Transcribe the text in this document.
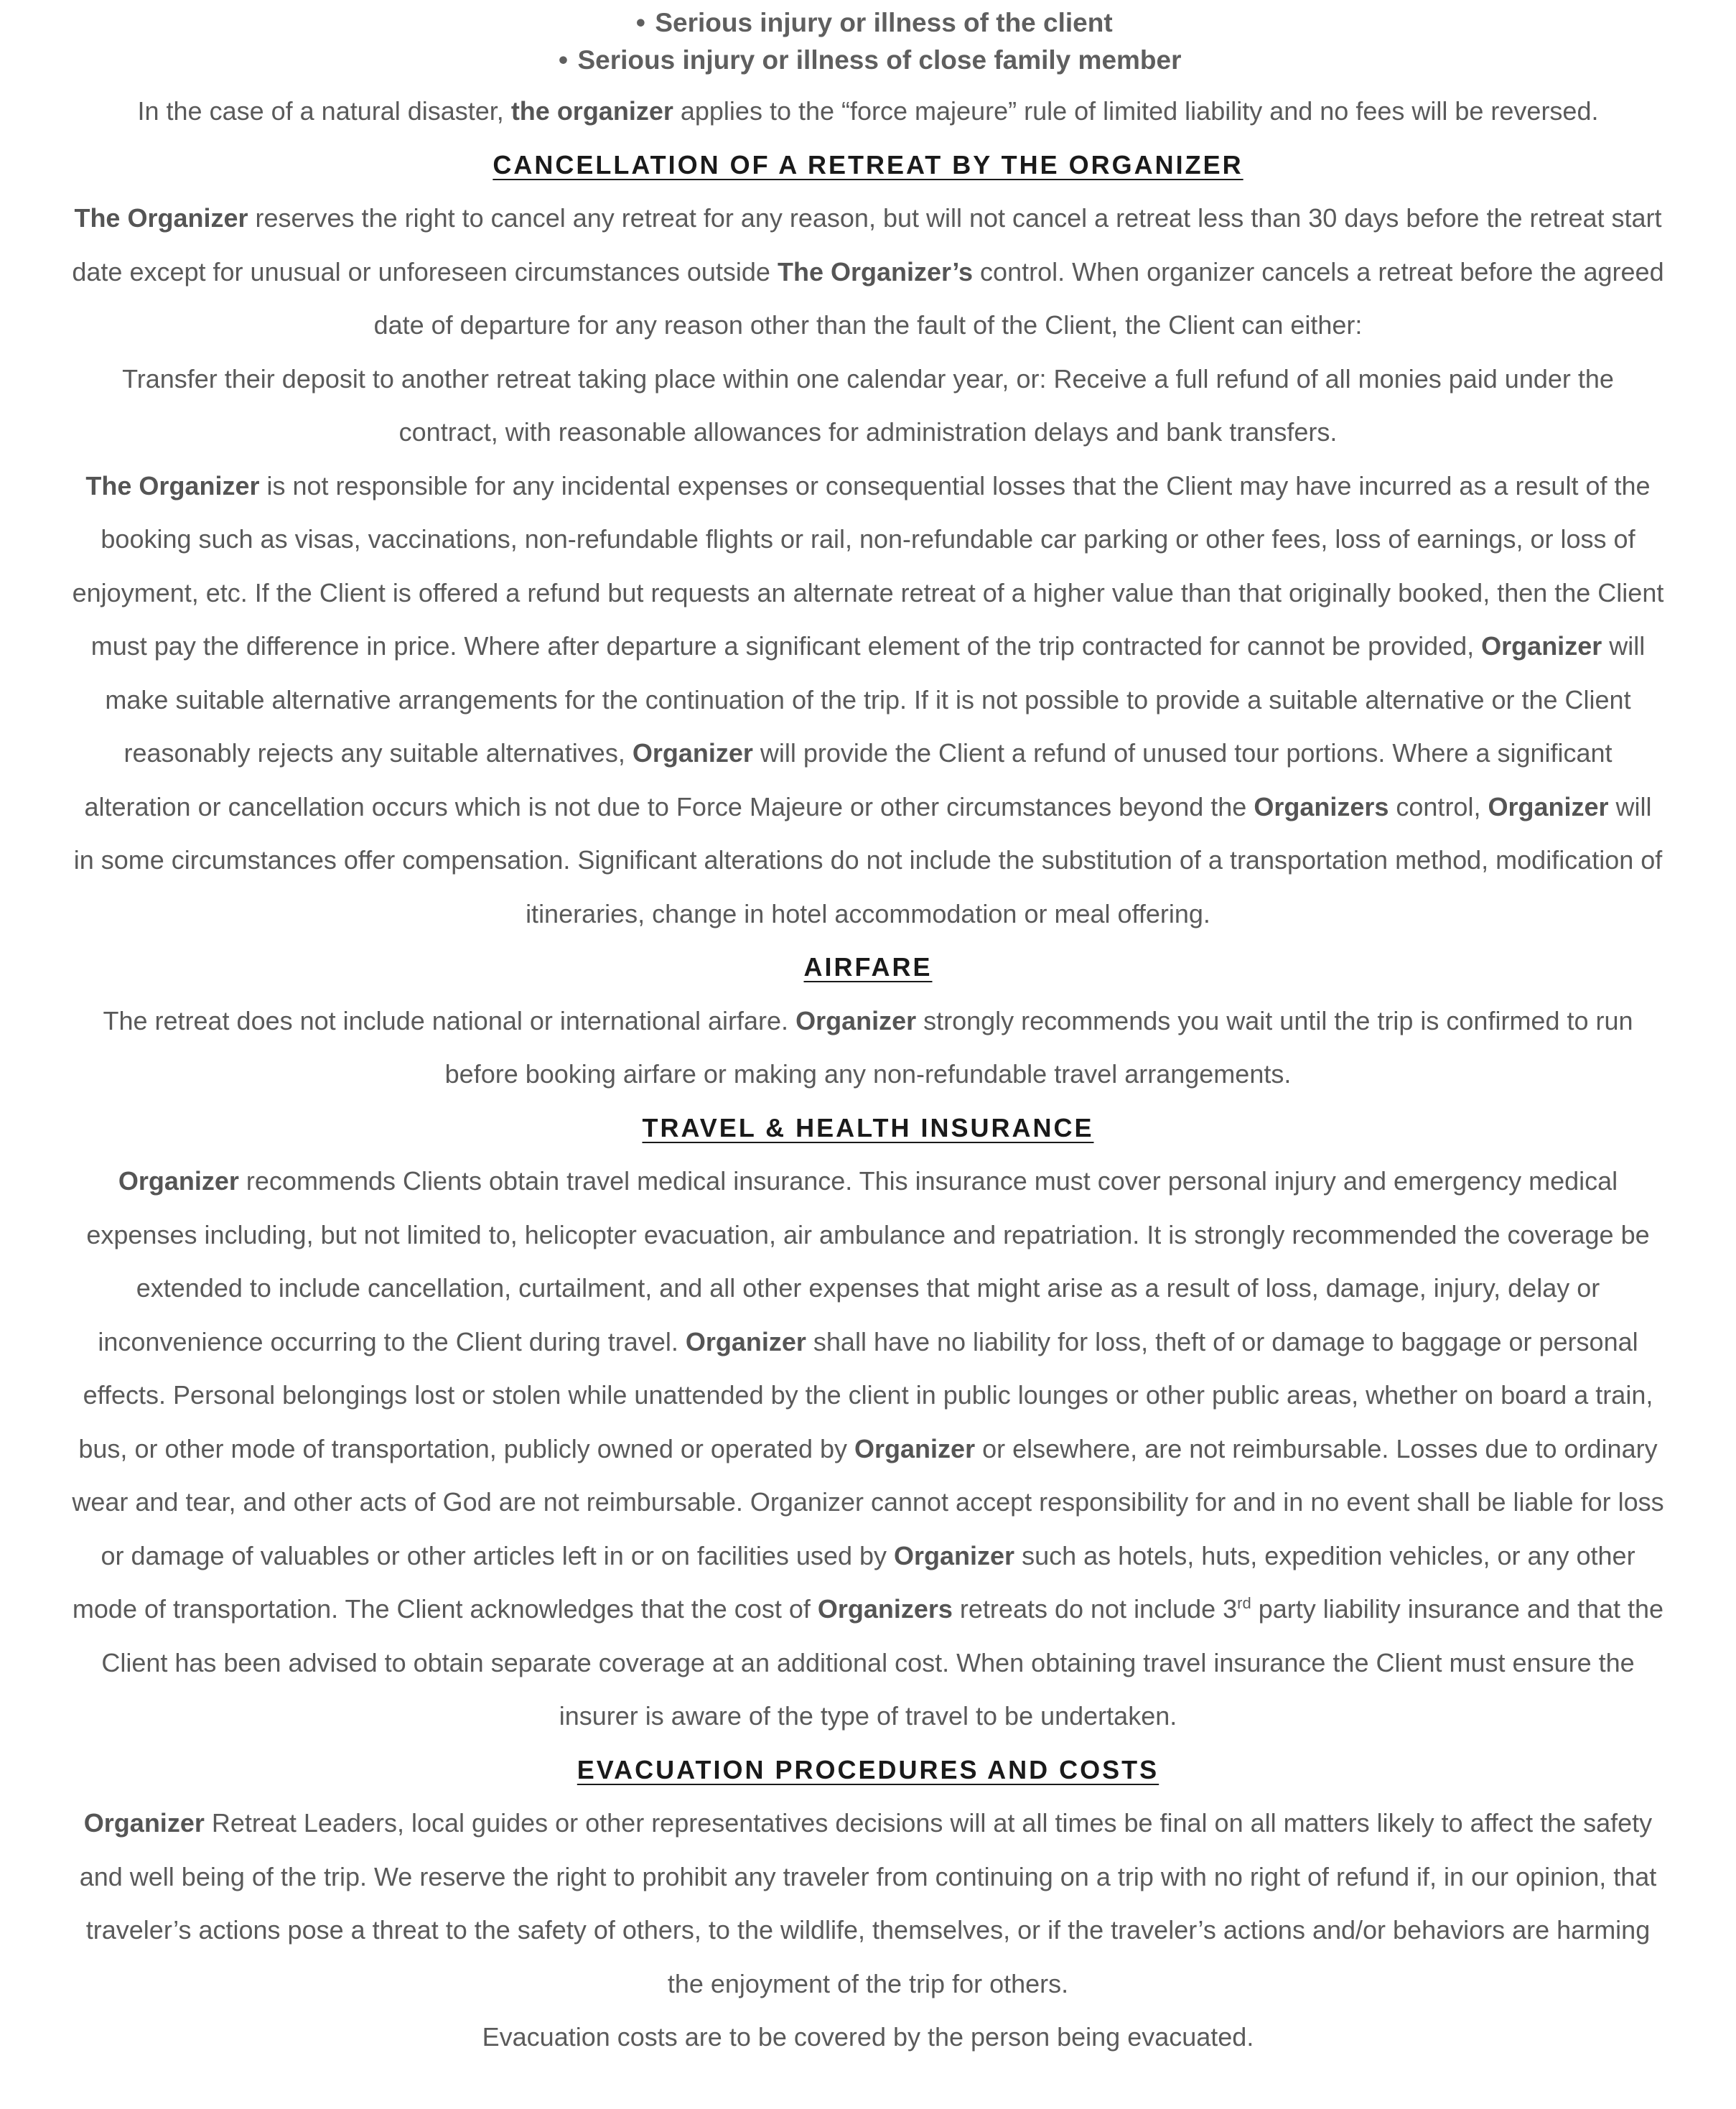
• Serious injury or illness of the client
• Serious injury or illness of close family member

In the case of a natural disaster, the organizer applies to the “force majeure” rule of limited liability and no fees will be reversed.

CANCELLATION OF A RETREAT BY THE ORGANIZER

The Organizer reserves the right to cancel any retreat for any reason, but will not cancel a retreat less than 30 days before the retreat start date except for unusual or unforeseen circumstances outside The Organizer’s control. When organizer cancels a retreat before the agreed date of departure for any reason other than the fault of the Client, the Client can either:

Transfer their deposit to another retreat taking place within one calendar year, or: Receive a full refund of all monies paid under the contract, with reasonable allowances for administration delays and bank transfers.

The Organizer is not responsible for any incidental expenses or consequential losses that the Client may have incurred as a result of the booking such as visas, vaccinations, non-refundable flights or rail, non-refundable car parking or other fees, loss of earnings, or loss of enjoyment, etc. If the Client is offered a refund but requests an alternate retreat of a higher value than that originally booked, then the Client must pay the difference in price. Where after departure a significant element of the trip contracted for cannot be provided, Organizer will make suitable alternative arrangements for the continuation of the trip. If it is not possible to provide a suitable alternative or the Client reasonably rejects any suitable alternatives, Organizer will provide the Client a refund of unused tour portions. Where a significant alteration or cancellation occurs which is not due to Force Majeure or other circumstances beyond the Organizers control, Organizer will in some circumstances offer compensation. Significant alterations do not include the substitution of a transportation method, modification of itineraries, change in hotel accommodation or meal offering.

AIRFARE

The retreat does not include national or international airfare. Organizer strongly recommends you wait until the trip is confirmed to run before booking airfare or making any non-refundable travel arrangements.

TRAVEL & HEALTH INSURANCE

Organizer recommends Clients obtain travel medical insurance. This insurance must cover personal injury and emergency medical expenses including, but not limited to, helicopter evacuation, air ambulance and repatriation. It is strongly recommended the coverage be extended to include cancellation, curtailment, and all other expenses that might arise as a result of loss, damage, injury, delay or inconvenience occurring to the Client during travel. Organizer shall have no liability for loss, theft of or damage to baggage or personal effects. Personal belongings lost or stolen while unattended by the client in public lounges or other public areas, whether on board a train, bus, or other mode of transportation, publicly owned or operated by Organizer or elsewhere, are not reimbursable. Losses due to ordinary wear and tear, and other acts of God are not reimbursable. Organizer cannot accept responsibility for and in no event shall be liable for loss or damage of valuables or other articles left in or on facilities used by Organizer such as hotels, huts, expedition vehicles, or any other mode of transportation. The Client acknowledges that the cost of Organizers retreats do not include 3rd party liability insurance and that the Client has been advised to obtain separate coverage at an additional cost. When obtaining travel insurance the Client must ensure the insurer is aware of the type of travel to be undertaken.

EVACUATION PROCEDURES AND COSTS

Organizer Retreat Leaders, local guides or other representatives decisions will at all times be final on all matters likely to affect the safety and well being of the trip. We reserve the right to prohibit any traveler from continuing on a trip with no right of refund if, in our opinion, that traveler’s actions pose a threat to the safety of others, to the wildlife, themselves, or if the traveler’s actions and/or behaviors are harming the enjoyment of the trip for others.

Evacuation costs are to be covered by the person being evacuated.
